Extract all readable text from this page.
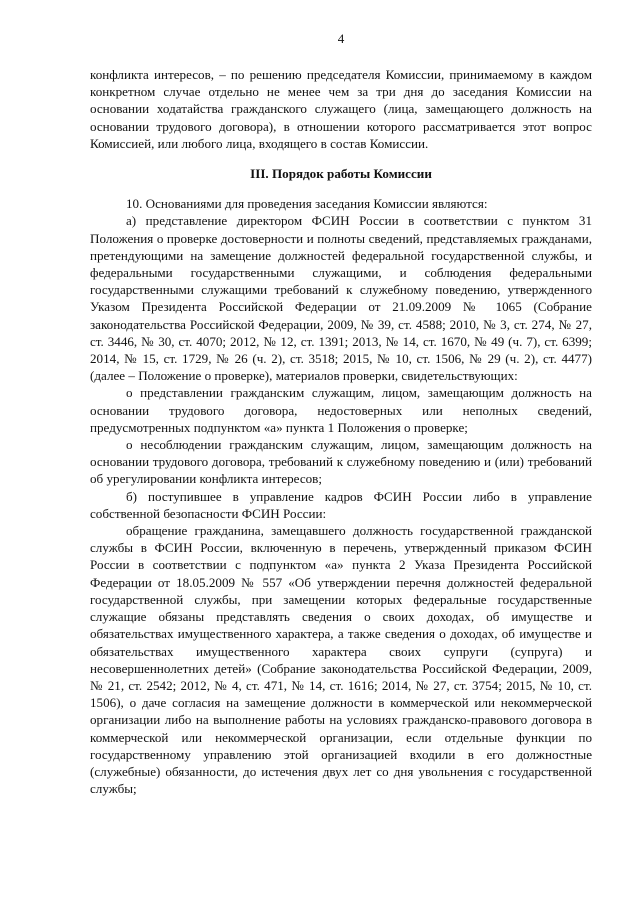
4

конфликта интересов, – по решению председателя Комиссии, принимаемому в каждом конкретном случае отдельно не менее чем за три дня до заседания Комиссии на основании ходатайства гражданского служащего (лица, замещающего должность на основании трудового договора), в отношении которого рассматривается этот вопрос Комиссией, или любого лица, входящего в состав Комиссии.

III. Порядок работы Комиссии

10. Основаниями для проведения заседания Комиссии являются:

а) представление директором ФСИН России в соответствии с пунктом 31 Положения о проверке достоверности и полноты сведений, представляемых гражданами, претендующими на замещение должностей федеральной государственной службы, и федеральными государственными служащими, и соблюдения федеральными государственными служащими требований к служебному поведению, утвержденного Указом Президента Российской Федерации от 21.09.2009 № 1065 (Собрание законодательства Российской Федерации, 2009, № 39, ст. 4588; 2010, № 3, ст. 274, № 27, ст. 3446, № 30, ст. 4070; 2012, № 12, ст. 1391; 2013, № 14, ст. 1670, № 49 (ч. 7), ст. 6399; 2014, № 15, ст. 1729, № 26 (ч. 2), ст. 3518; 2015, № 10, ст. 1506, № 29 (ч. 2), ст. 4477) (далее – Положение о проверке), материалов проверки, свидетельствующих:

о представлении гражданским служащим, лицом, замещающим должность на основании трудового договора, недостоверных или неполных сведений, предусмотренных подпунктом «а» пункта 1 Положения о проверке;

о несоблюдении гражданским служащим, лицом, замещающим должность на основании трудового договора, требований к служебному поведению и (или) требований об урегулировании конфликта интересов;

б) поступившее в управление кадров ФСИН России либо в управление собственной безопасности ФСИН России:

обращение гражданина, замещавшего должность государственной гражданской службы в ФСИН России, включенную в перечень, утвержденный приказом ФСИН России в соответствии с подпунктом «а» пункта 2 Указа Президента Российской Федерации от 18.05.2009 № 557 «Об утверждении перечня должностей федеральной государственной службы, при замещении которых федеральные государственные служащие обязаны представлять сведения о своих доходах, об имуществе и обязательствах имущественного характера, а также сведения о доходах, об имуществе и обязательствах имущественного характера своих супруги (супруга) и несовершеннолетних детей» (Собрание законодательства Российской Федерации, 2009, № 21, ст. 2542; 2012, № 4, ст. 471, № 14, ст. 1616; 2014, № 27, ст. 3754; 2015, № 10, ст. 1506), о даче согласия на замещение должности в коммерческой или некоммерческой организации либо на выполнение работы на условиях гражданско-правового договора в коммерческой или некоммерческой организации, если отдельные функции по государственному управлению этой организацией входили в его должностные (служебные) обязанности, до истечения двух лет со дня увольнения с государственной службы;
